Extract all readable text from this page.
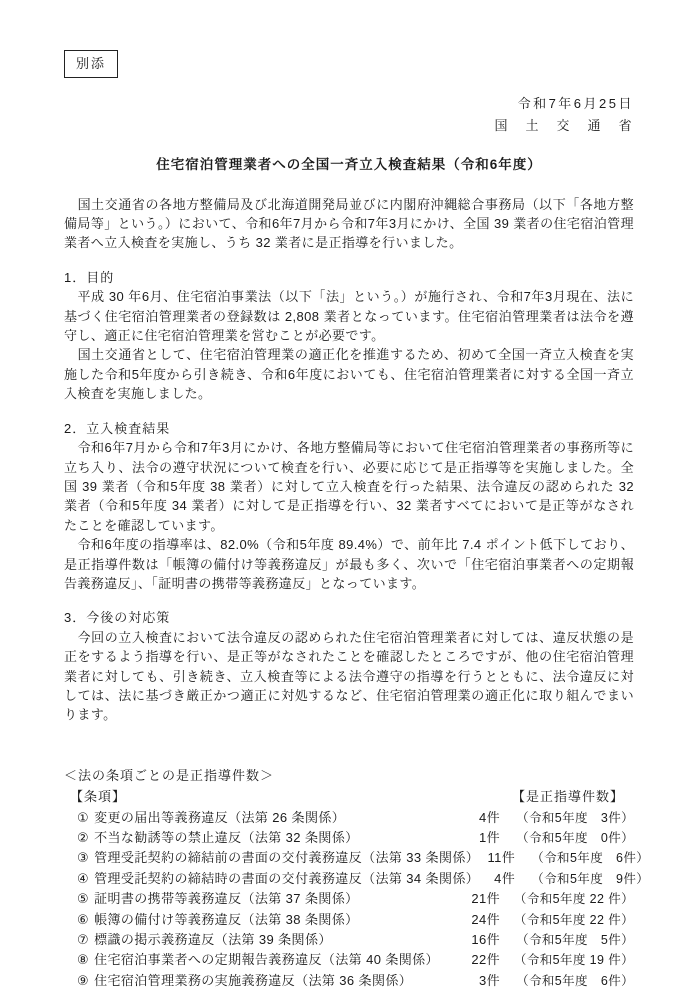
別添
令和7年6月25日
国　土　交　通　省
住宅宿泊管理業者への全国一斉立入検査結果（令和6年度）

　国土交通省の各地方整備局及び北海道開発局並びに内閣府沖縄総合事務局（以下「各地方整備局等」という。）において、令和6年7月から令和7年3月にかけ、全国 39 業者の住宅宿泊管理業者へ立入検査を実施し、うち 32 業者に是正指導を行いました。

1．目的

　平成 30 年6月、住宅宿泊事業法（以下「法」という。）が施行され、令和7年3月現在、法に基づく住宅宿泊管理業者の登録数は 2,808 業者となっています。住宅宿泊管理業者は法令を遵守し、適正に住宅宿泊管理業を営むことが必要です。

　国土交通省として、住宅宿泊管理業の適正化を推進するため、初めて全国一斉立入検査を実施した令和5年度から引き続き、令和6年度においても、住宅宿泊管理業者に対する全国一斉立入検査を実施しました。

2．立入検査結果

　令和6年7月から令和7年3月にかけ、各地方整備局等において住宅宿泊管理業者の事務所等に立ち入り、法令の遵守状況について検査を行い、必要に応じて是正指導等を実施しました。全国 39 業者（令和5年度 38 業者）に対して立入検査を行った結果、法令違反の認められた 32 業者（令和5年度 34 業者）に対して是正指導を行い、32 業者すべてにおいて是正等がなされたことを確認しています。

　令和6年度の指導率は、82.0%（令和5年度 89.4%）で、前年比 7.4 ポイント低下しており、是正指導件数は「帳簿の備付け等義務違反」が最も多く、次いで「住宅宿泊事業者への定期報告義務違反」、「証明書の携帯等義務違反」となっています。

3．今後の対応策

　今回の立入検査において法令違反の認められた住宅宿泊管理業者に対しては、違反状態の是正をするよう指導を行い、是正等がなされたことを確認したところですが、他の住宅宿泊管理業者に対しても、引き続き、立入検査等による法令遵守の指導を行うとともに、法令違反に対しては、法に基づき厳正かつ適正に対処するなど、住宅宿泊管理業の適正化に取り組んでまいります。

＜法の条項ごとの是正指導件数＞
【条項】	【是正指導件数】
① 変更の届出等義務違反（法第 26 条関係）	4件	（令和5年度　3件）
② 不当な勧誘等の禁止違反（法第 32 条関係）	1件	（令和5年度　0件）
③ 管理受託契約の締結前の書面の交付義務違反（法第 33 条関係） 11件	（令和5年度　6件）
④ 管理受託契約の締結時の書面の交付義務違反（法第 34 条関係）	4件	（令和5年度　9件）
⑤ 証明書の携帯等義務違反（法第 37 条関係）	21件	（令和5年度 22 件）
⑥ 帳簿の備付け等義務違反（法第 38 条関係）	24件	（令和5年度 22 件）
⑦ 標識の掲示義務違反（法第 39 条関係）	16件	（令和5年度　5件）
⑧ 住宅宿泊事業者への定期報告義務違反（法第 40 条関係）	22件	（令和5年度 19 件）
⑨ 住宅宿泊管理業務の実施義務違反（法第 36 条関係）	3件	（令和5年度　6件）
